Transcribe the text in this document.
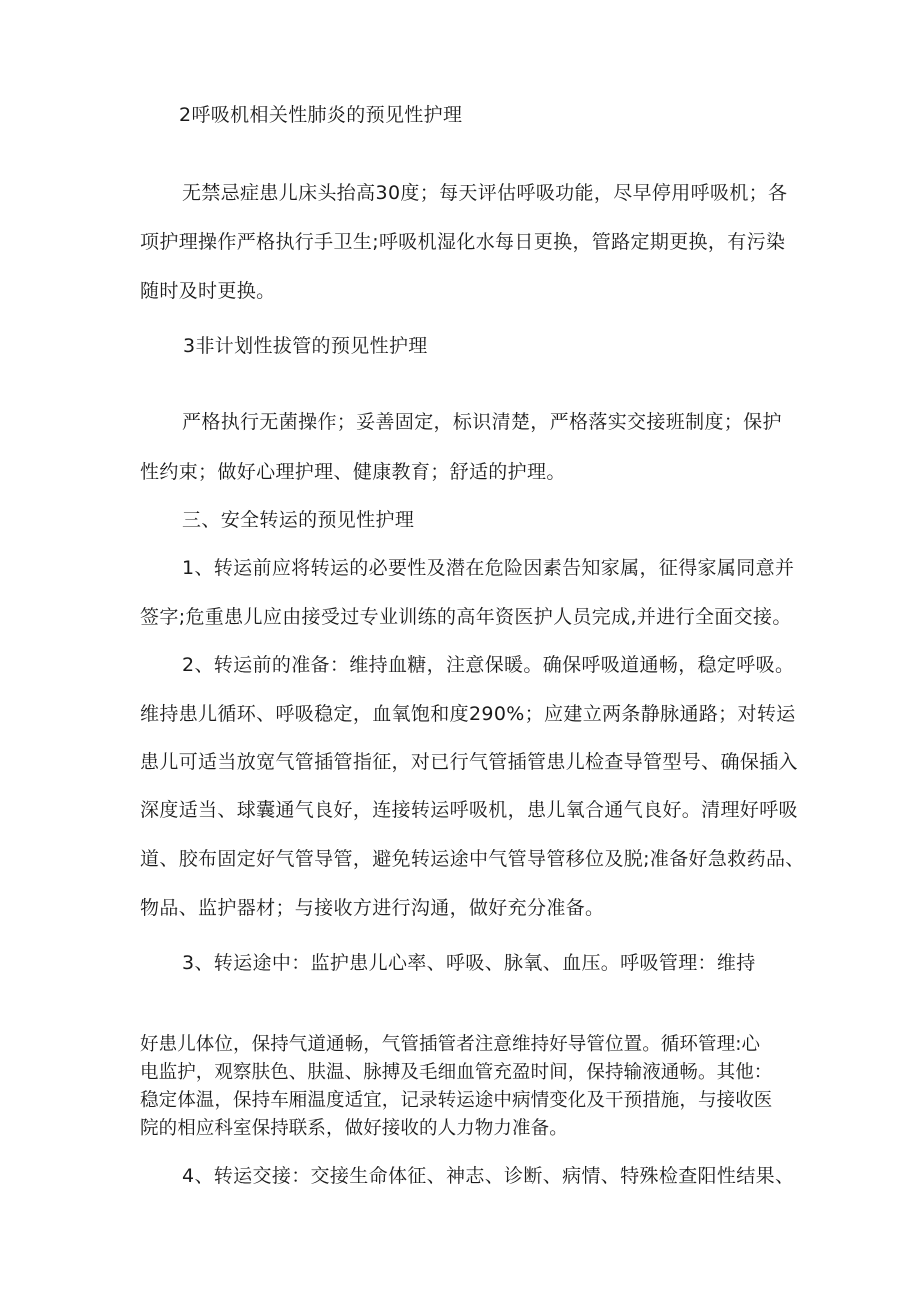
2呼吸机相关性肺炎的预见性护理
无禁忌症患儿床头抬高30度；每天评估呼吸功能，尽早停用呼吸机；各
项护理操作严格执行手卫生;呼吸机湿化水每日更换，管路定期更换，有污染
随时及时更换。
3非计划性拔管的预见性护理
严格执行无菌操作；妥善固定，标识清楚，严格落实交接班制度；保护
性约束；做好心理护理、健康教育；舒适的护理。
三、安全转运的预见性护理
1、转运前应将转运的必要性及潜在危险因素告知家属，征得家属同意并
签字;危重患儿应由接受过专业训练的高年资医护人员完成,并进行全面交接。
2、转运前的准备：维持血糖，注意保暖。确保呼吸道通畅，稳定呼吸。
维持患儿循环、呼吸稳定，血氧饱和度290%；应建立两条静脉通路；对转运
患儿可适当放宽气管插管指征，对已行气管插管患儿检查导管型号、确保插入
深度适当、球囊通气良好，连接转运呼吸机，患儿氧合通气良好。清理好呼吸
道、胶布固定好气管导管，避免转运途中气管导管移位及脱;准备好急救药品、
物品、监护器材；与接收方进行沟通，做好充分准备。
3、转运途中：监护患儿心率、呼吸、脉氧、血压。呼吸管理：维持
好患儿体位，保持气道通畅，气管插管者注意维持好导管位置。循环管理:心
电监护，观察肤色、肤温、脉搏及毛细血管充盈时间，保持输液通畅。其他：
稳定体温，保持车厢温度适宜，记录转运途中病情变化及干预措施，与接收医
院的相应科室保持联系，做好接收的人力物力准备。
4、转运交接：交接生命体征、神志、诊断、病情、特殊检查阳性结果、
